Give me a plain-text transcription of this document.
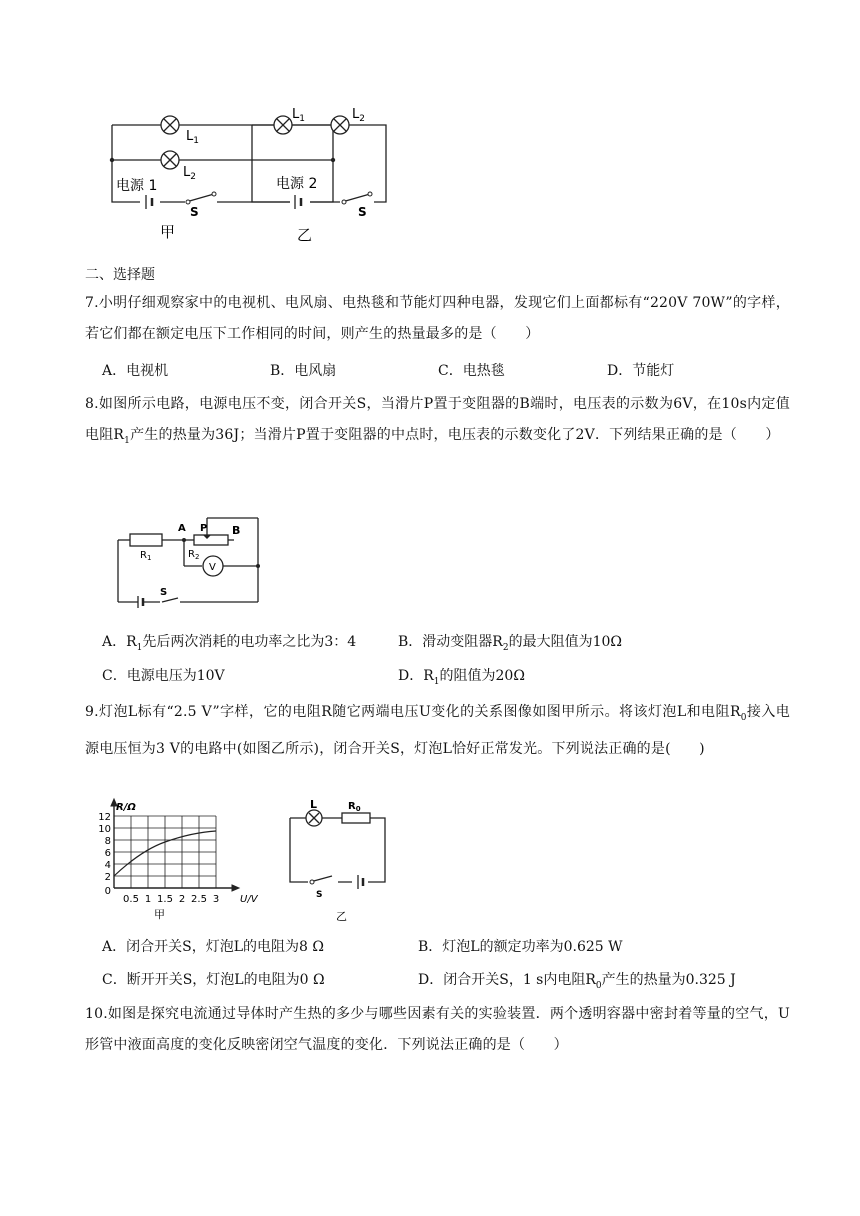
$L_1$
$L_2$
电源 1
S
$L_1$	$L_2$
电源 2
S
甲	乙
二、选择题
7.小明仔细观察家中的电视机、电风扇、电热毯和节能灯四种电器，发现它们上面都标有“220V 70W”的字样，若它们都在额定电压下工作相同的时间，则产生的热量最多的是（　　）
A．电视机	B．电风扇	C．电热毯	D．节能灯
8.如图所示电路，电源电压不变，闭合开关S，当滑片P置于变阻器的B端时，电压表的示数为6V，在10s内定值电阻$R_1$产生的热量为36J；当滑片P置于变阻器的中点时，电压表的示数变化了2V．下列结果正确的是（　　）
$R_1$
A P B
$R_2$
V
S
A．$R_1$先后两次消耗的电功率之比为3：4	B．滑动变阻器$R_2$的最大阻值为10Ω
C．电源电压为10V	D．$R_1$的阻值为20Ω
9.灯泡L标有“2.5 V”字样，它的电阻R随它两端电压U变化的关系图像如图甲所示。将该灯泡L和电阻$R_0$接入电源电压恒为3 V的电路中(如图乙所示)，闭合开关S，灯泡L恰好正常发光。下列说法正确的是(　　)
R/Ω
12
10
8
6
4
2
0
0.5 1 1.5 2 2.5 3 U/V
甲
L	$R_0$
S
乙
A．闭合开关S，灯泡L的电阻为8 Ω	B．灯泡L的额定功率为0.625 W
C．断开开关S，灯泡L的电阻为0 Ω	D．闭合开关S，1 s内电阻$R_0$产生的热量为0.325 J
10.如图是探究电流通过导体时产生热的多少与哪些因素有关的实验装置．两个透明容器中密封着等量的空气，U形管中液面高度的变化反映密闭空气温度的变化．下列说法正确的是（　　）
